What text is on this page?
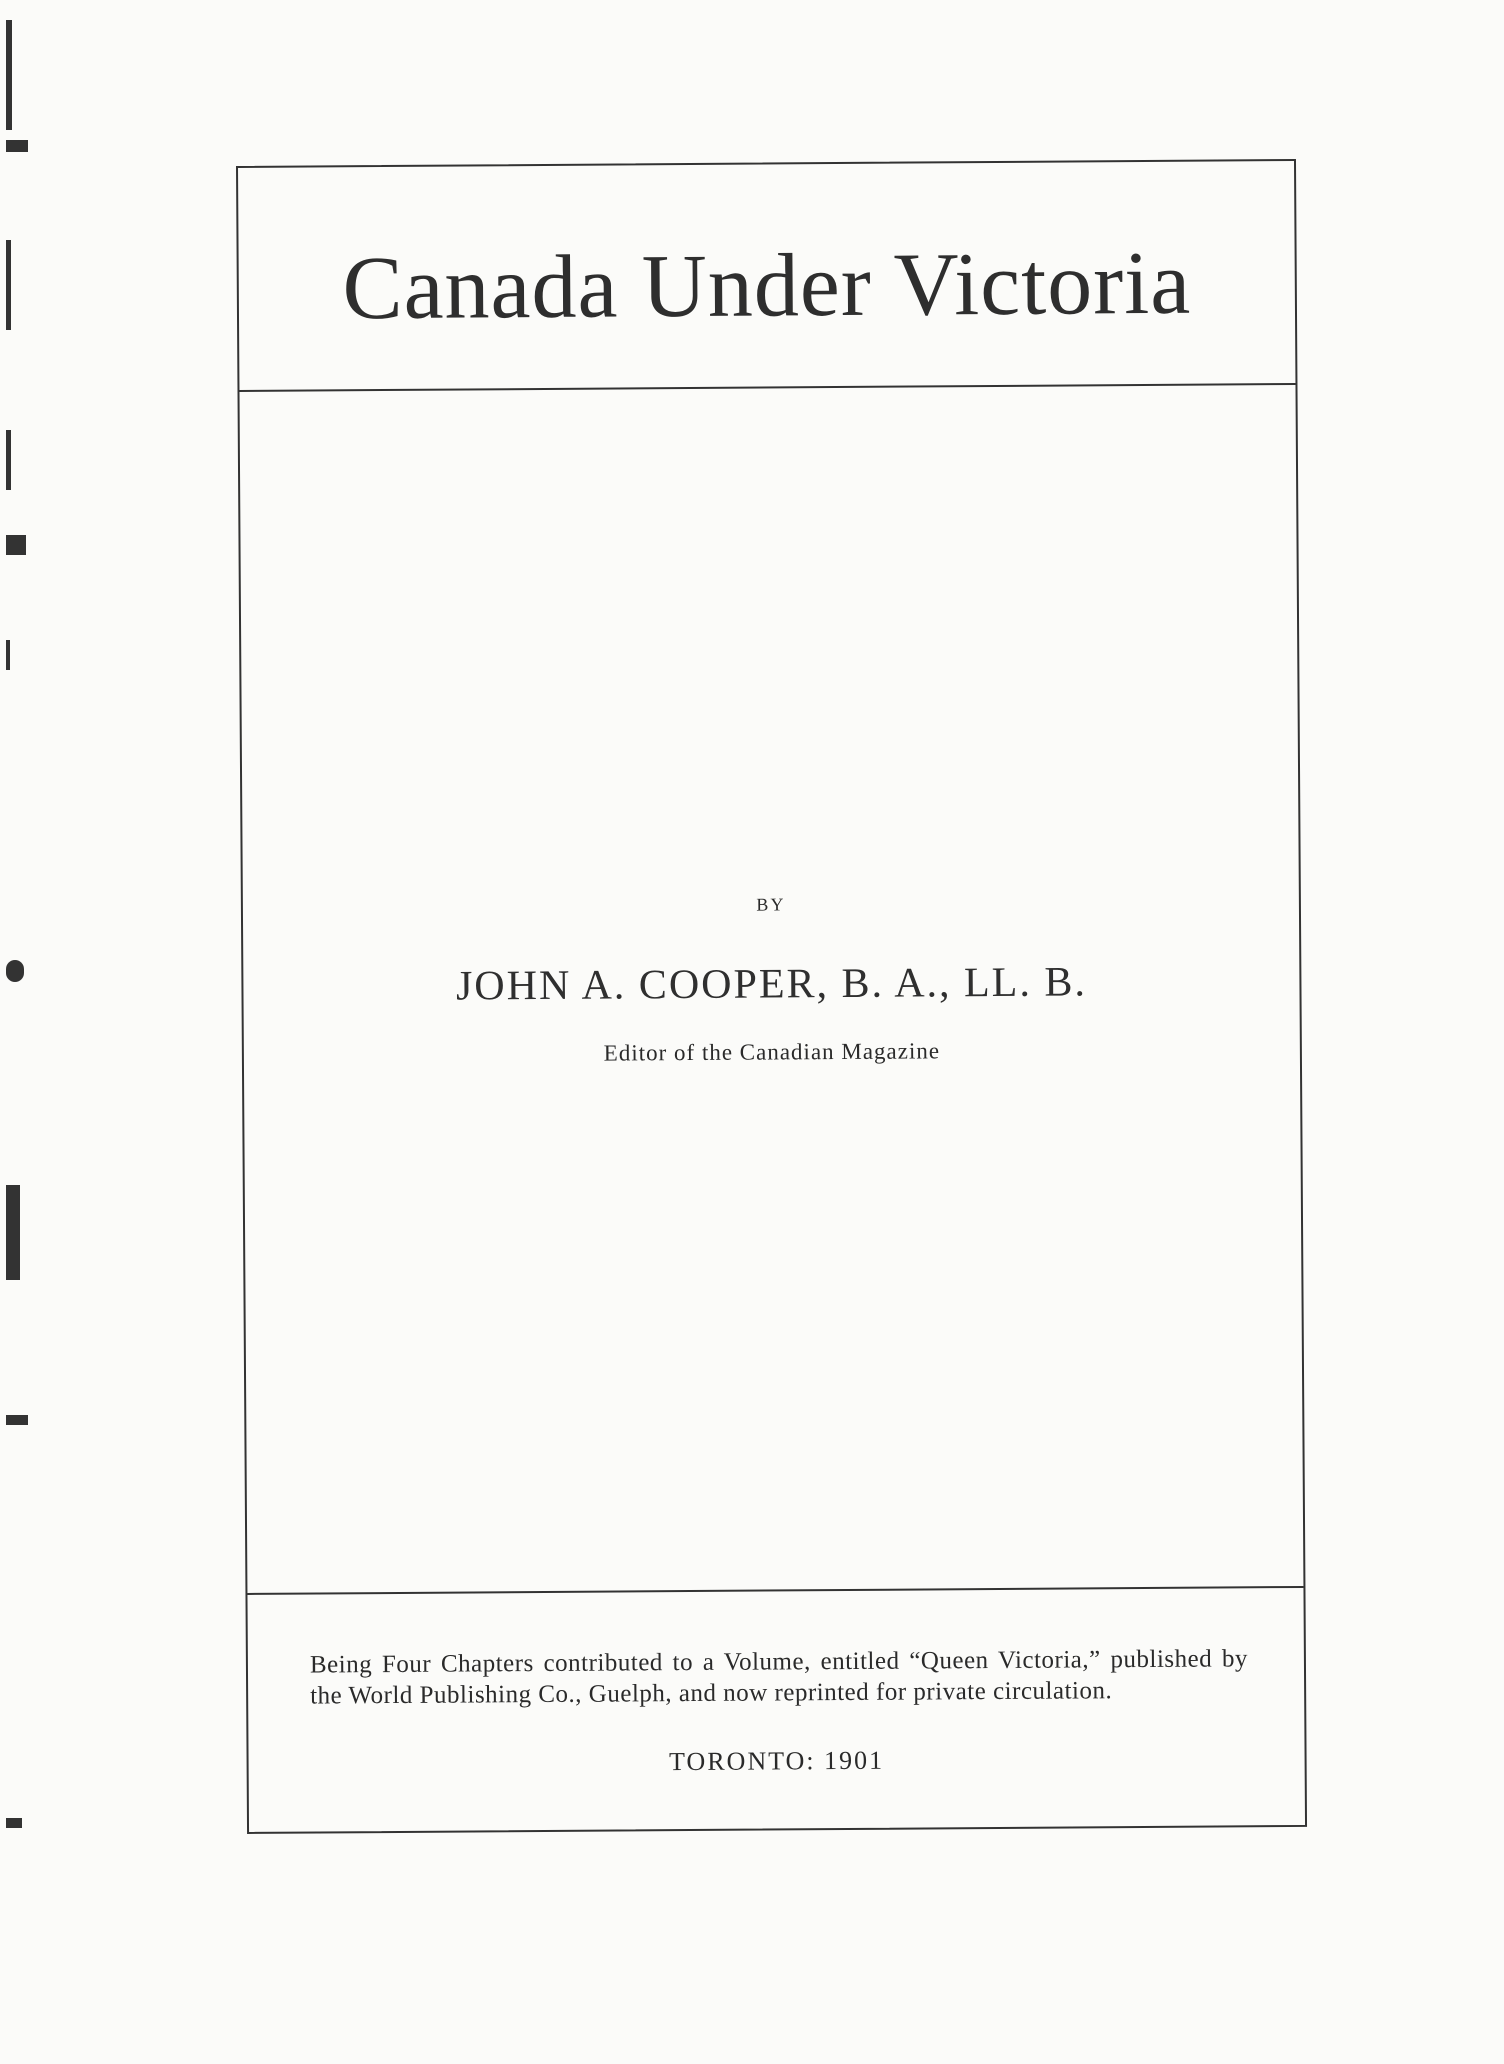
Canada Under Victoria
BY
JOHN A. COOPER, B. A., LL. B.
Editor of the Canadian Magazine
Being Four Chapters contributed to a Volume, entitled “Queen Victoria,” published by the World Publishing Co., Guelph, and now reprinted for private circulation.
TORONTO: 1901
